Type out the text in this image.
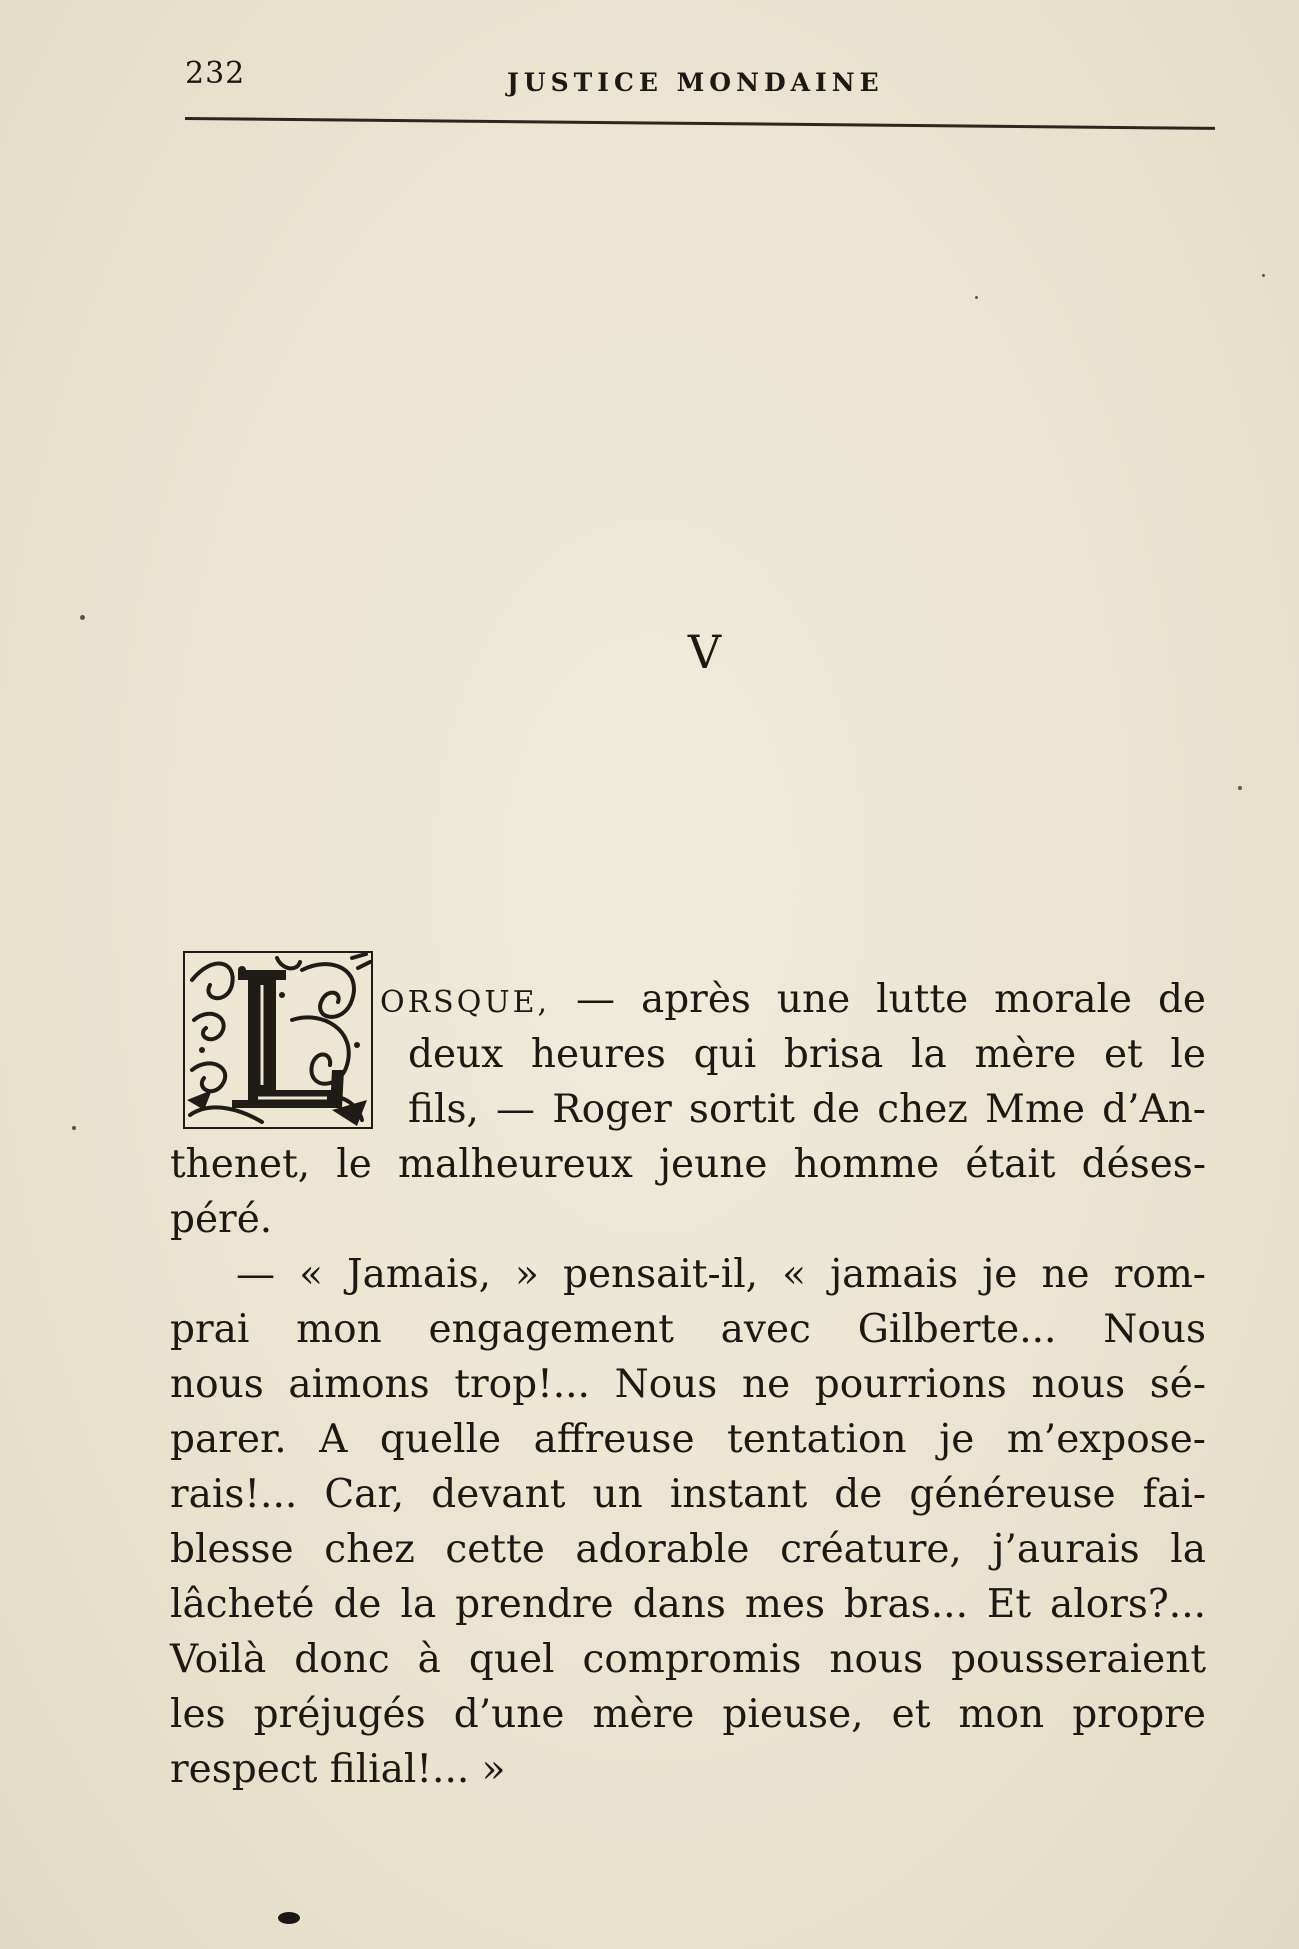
232	JUSTICE MONDAINE
V
ORSQUE, — après une lutte morale de
deux heures qui brisa la mère et le
fils, — Roger sortit de chez Mme d’An-
thenet, le malheureux jeune homme était déses-
péré.
— « Jamais, » pensait-il, « jamais je ne rom-
prai mon engagement avec Gilberte... Nous
nous aimons trop!... Nous ne pourrions nous sé-
parer. A quelle affreuse tentation je m’expose-
rais!... Car, devant un instant de généreuse fai-
blesse chez cette adorable créature, j’aurais la
lâcheté de la prendre dans mes bras... Et alors?...
Voilà donc à quel compromis nous pousseraient
les préjugés d’une mère pieuse, et mon propre
respect filial!... »
